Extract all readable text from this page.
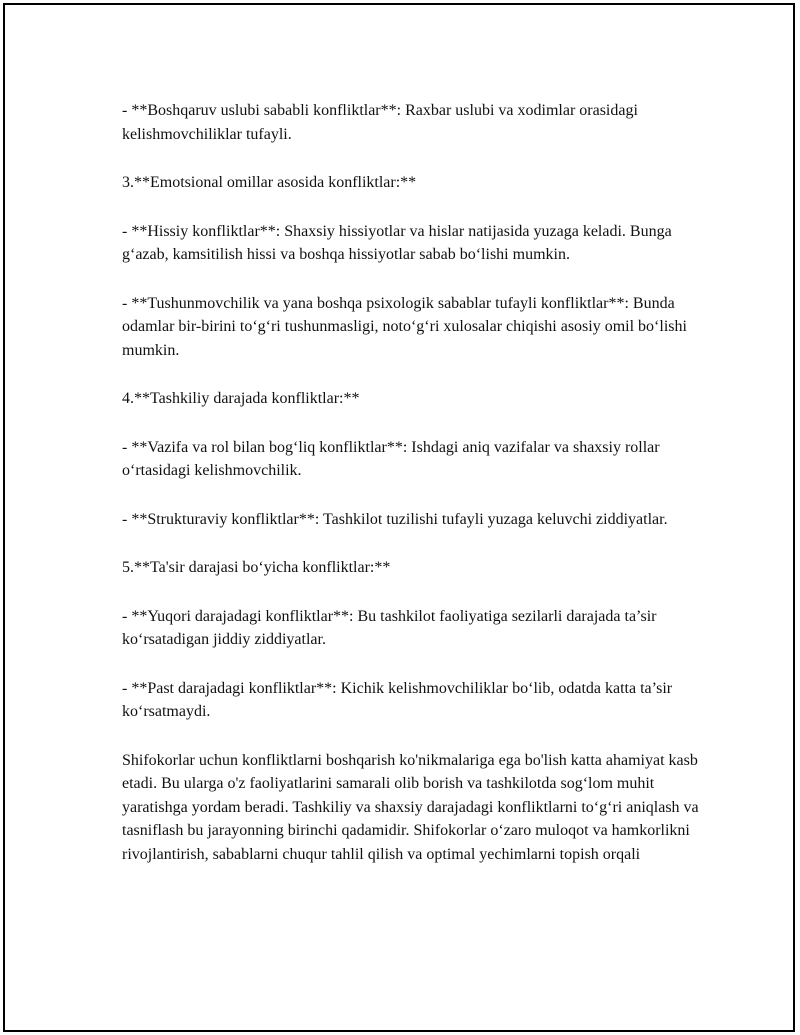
- **Boshqaruv uslubi sababli konfliktlar**: Raxbar uslubi va xodimlar orasidagi kelishmovchiliklar tufayli.

3.**Emotsional omillar asosida konfliktlar:**

- **Hissiy konfliktlar**: Shaxsiy hissiyotlar va hislar natijasida yuzaga keladi. Bunga g‘azab, kamsitilish hissi va boshqa hissiyotlar sabab bo‘lishi mumkin.

- **Tushunmovchilik va yana boshqa psixologik sabablar tufayli konfliktlar**: Bunda odamlar bir-birini to‘g‘ri tushunmasligi, noto‘g‘ri xulosalar chiqishi asosiy omil bo‘lishi mumkin.

4.**Tashkiliy darajada konfliktlar:**

- **Vazifa va rol bilan bog‘liq konfliktlar**: Ishdagi aniq vazifalar va shaxsiy rollar o‘rtasidagi kelishmovchilik.

- **Strukturaviy konfliktlar**: Tashkilot tuzilishi tufayli yuzaga keluvchi ziddiyatlar.

5.**Ta'sir darajasi bo‘yicha konfliktlar:**

- **Yuqori darajadagi konfliktlar**: Bu tashkilot faoliyatiga sezilarli darajada ta’sir ko‘rsatadigan jiddiy ziddiyatlar.

- **Past darajadagi konfliktlar**: Kichik kelishmovchiliklar bo‘lib, odatda katta ta’sir ko‘rsatmaydi.

Shifokorlar uchun konfliktlarni boshqarish ko'nikmalariga ega bo'lish katta ahamiyat kasb etadi. Bu ularga o'z faoliyatlarini samarali olib borish va tashkilotda sog‘lom muhit yaratishga yordam beradi. Tashkiliy va shaxsiy darajadagi konfliktlarni to‘g‘ri aniqlash va tasniflash bu jarayonning birinchi qadamidir. Shifokorlar o‘zaro muloqot va hamkorlikni rivojlantirish, sabablarni chuqur tahlil qilish va optimal yechimlarni topish orqali
